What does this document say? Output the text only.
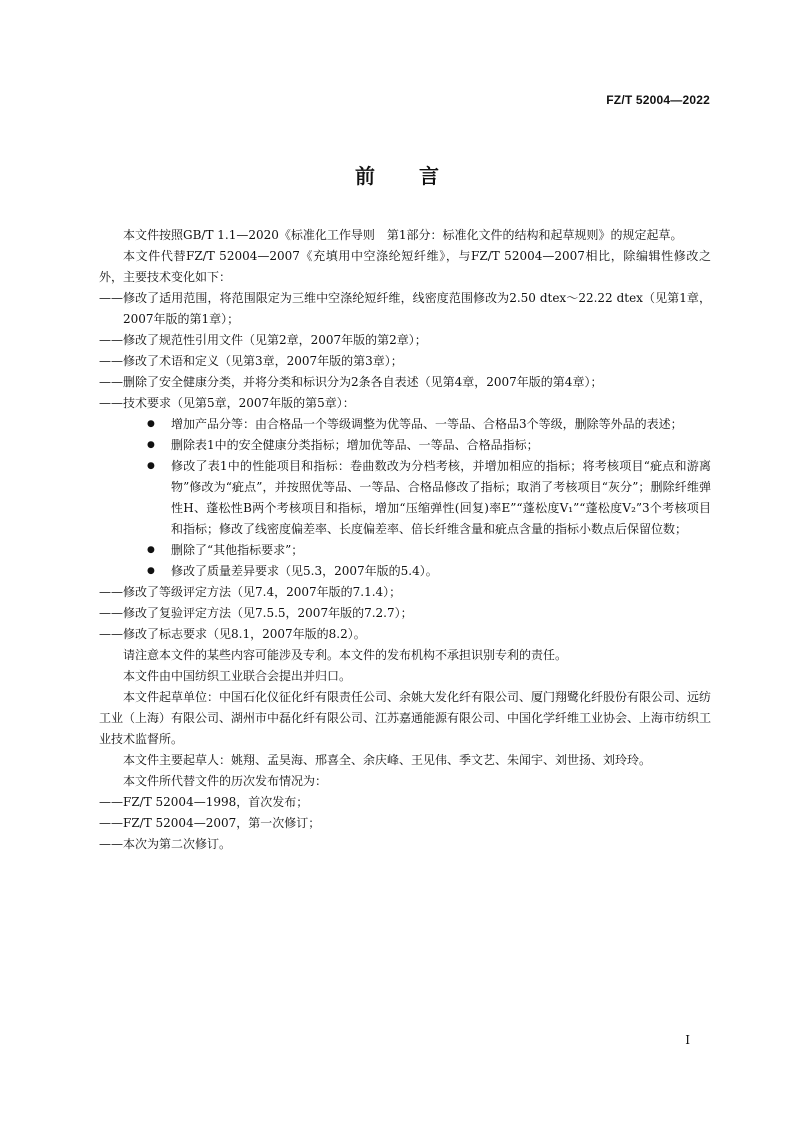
FZ/T 52004—2022
前言

本文件按照GB/T 1.1—2020《标准化工作导则　第1部分：标准化文件的结构和起草规则》的规定起草。

本文件代替FZ/T 52004—2007《充填用中空涤纶短纤维》，与FZ/T 52004—2007相比，除编辑性修改之外，主要技术变化如下：

—— 修改了适用范围，将范围限定为三维中空涤纶短纤维，线密度范围修改为2.50 dtex～22.22 dtex（见第1章，2007年版的第1章）；
—— 修改了规范性引用文件（见第2章，2007年版的第2章）；
—— 修改了术语和定义（见第3章，2007年版的第3章）；
—— 删除了安全健康分类，并将分类和标识分为2条各自表述（见第4章，2007年版的第4章）；
—— 技术要求（见第5章，2007年版的第5章）：
●	增加产品分等：由合格品一个等级调整为优等品、一等品、合格品3个等级，删除等外品的表述；
●	删除表1中的安全健康分类指标；增加优等品、一等品、合格品指标；
●	修改了表1中的性能项目和指标：卷曲数改为分档考核，并增加相应的指标；将考核项目“疵点和游离物”修改为“疵点”，并按照优等品、一等品、合格品修改了指标；取消了考核项目“灰分”；删除纤维弹性H、蓬松性B两个考核项目和指标，增加“压缩弹性(回复)率E”“蓬松度V₁”“蓬松度V₂”3个考核项目和指标；修改了线密度偏差率、长度偏差率、倍长纤维含量和疵点含量的指标小数点后保留位数；
●	删除了“其他指标要求”；
●	修改了质量差异要求（见5.3，2007年版的5.4）。
—— 修改了等级评定方法（见7.4，2007年版的7.1.4）；
—— 修改了复验评定方法（见7.5.5，2007年版的7.2.7）；
—— 修改了标志要求（见8.1，2007年版的8.2）。

请注意本文件的某些内容可能涉及专利。本文件的发布机构不承担识别专利的责任。

本文件由中国纺织工业联合会提出并归口。

本文件起草单位：中国石化仪征化纤有限责任公司、余姚大发化纤有限公司、厦门翔鹭化纤股份有限公司、远纺工业（上海）有限公司、湖州市中磊化纤有限公司、江苏嘉通能源有限公司、中国化学纤维工业协会、上海市纺织工业技术监督所。

本文件主要起草人：姚翔、孟昊海、邢喜全、余庆峰、王见伟、季文艺、朱闻宇、刘世扬、刘玲玲。

本文件所代替文件的历次发布情况为：

—— FZ/T 52004—1998，首次发布；
—— FZ/T 52004—2007，第一次修订；
—— 本次为第二次修订。
I
